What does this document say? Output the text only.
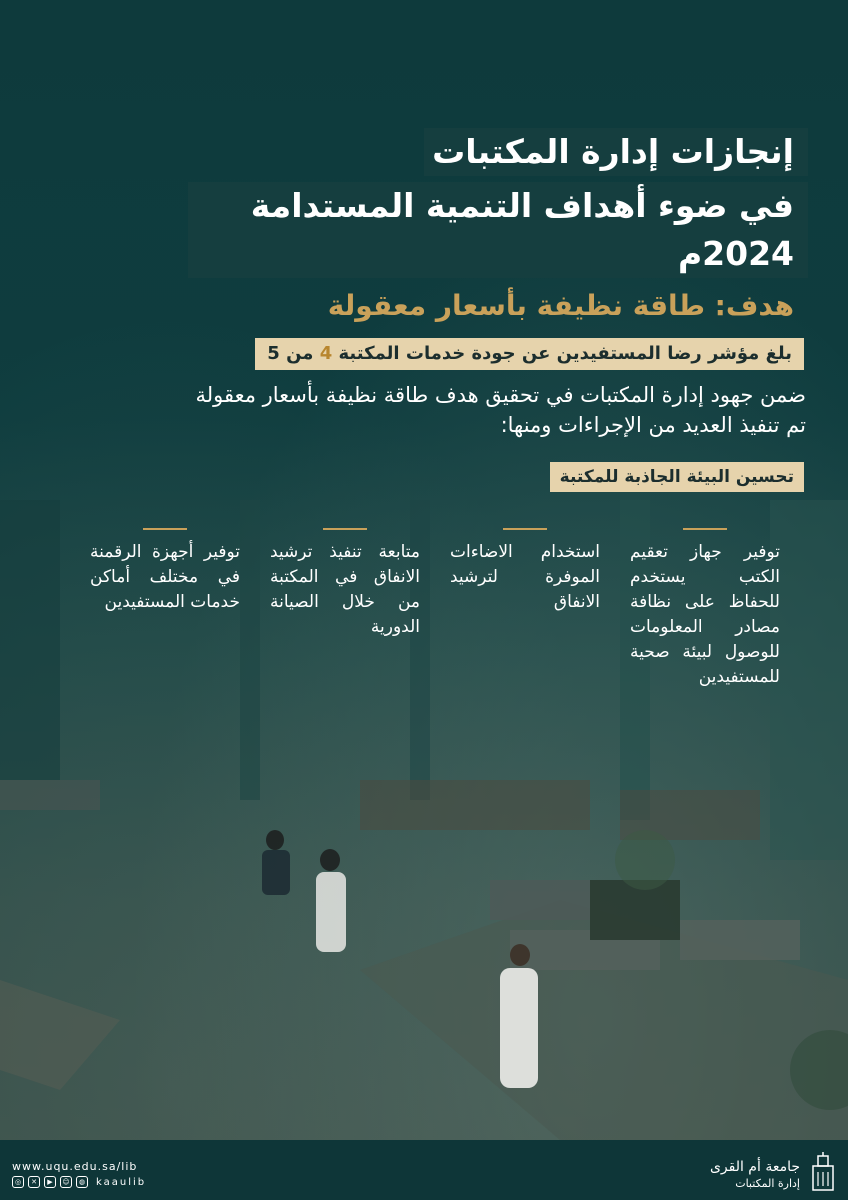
إنجازات إدارة المكتبات
في ضوء أهداف التنمية المستدامة 2024م
هدف: طاقة نظيفة بأسعار معقولة
بلغ مؤشر رضا المستفيدين عن جودة خدمات المكتبة 4 من 5
ضمن جهود إدارة المكتبات في تحقيق هدف طاقة نظيفة بأسعار معقولة
تم تنفيذ العديد من الإجراءات ومنها:
تحسين البيئة الجاذبة للمكتبة
توفير جهاز تعقيم الكتب يستخدم للحفاظ على نظافة مصادر المعلومات للوصول لبيئة صحية للمستفيدين
استخدام الاضاءات الموفرة لترشيد الانفاق
متابعة تنفيذ ترشيد الانفاق في المكتبة من خلال الصيانة الدورية
توفير أجهزة الرقمنة في مختلف أماكن خدمات المستفيدين
www.uqu.edu.sa/lib
◎	✕	▶	☺	◍ kaaulib
جامعة أم القرى
إدارة المكتبات
